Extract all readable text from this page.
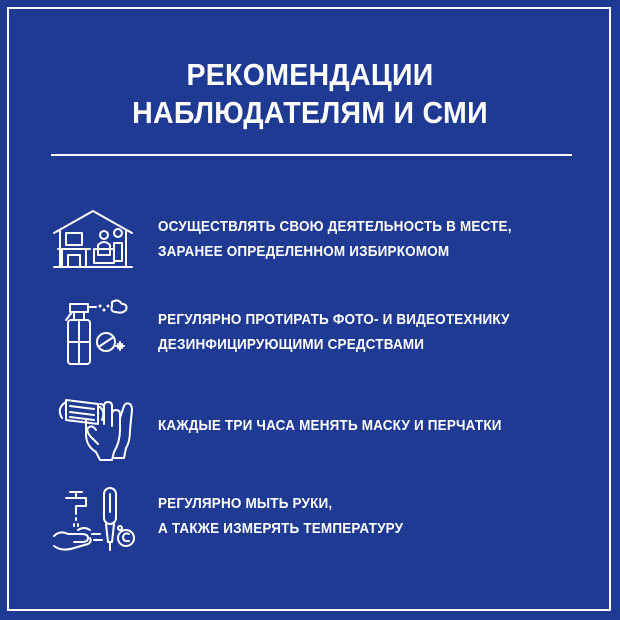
РЕКОМЕНДАЦИИ
НАБЛЮДАТЕЛЯМ И СМИ
ОСУЩЕСТВЛЯТЬ СВОЮ ДЕЯТЕЛЬНОСТЬ В МЕСТЕ,
ЗАРАНЕЕ ОПРЕДЕЛЕННОМ ИЗБИРКОМОМ
РЕГУЛЯРНО ПРОТИРАТЬ ФОТО- И ВИДЕОТЕХНИКУ
ДЕЗИНФИЦИРУЮЩИМИ СРЕДСТВАМИ
КАЖДЫЕ ТРИ ЧАСА МЕНЯТЬ МАСКУ И ПЕРЧАТКИ
РЕГУЛЯРНО МЫТЬ РУКИ,
А ТАКЖЕ ИЗМЕРЯТЬ ТЕМПЕРАТУРУ
